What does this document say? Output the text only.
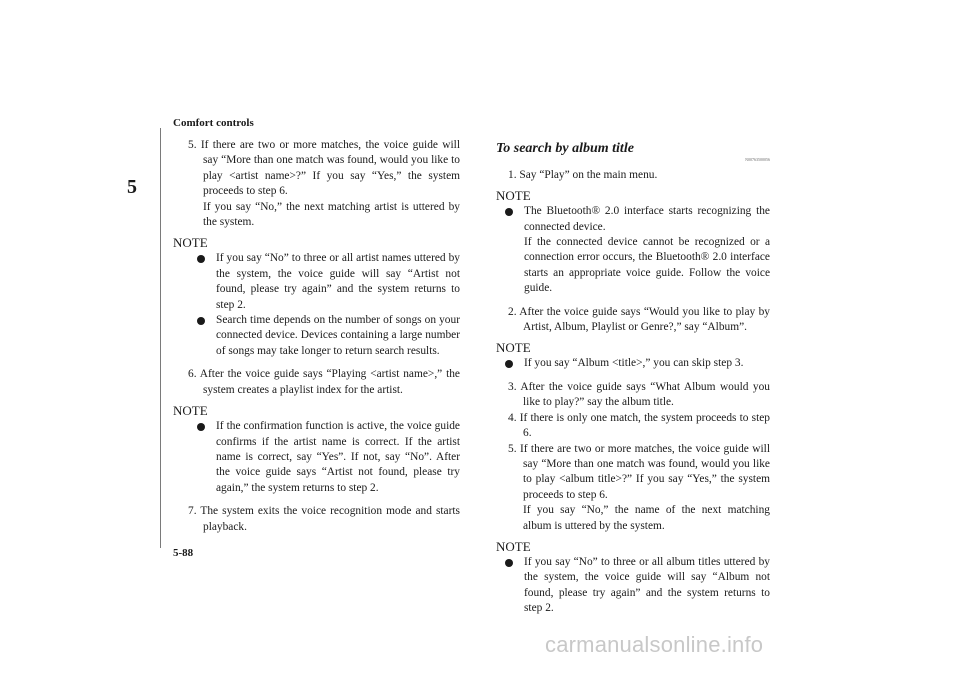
Comfort controls
5
5-88

5. If there are two or more matches, the voice guide will say “More than one match was found, would you like to play <artist name>?” If you say “Yes,” the system proceeds to step 6.

If you say “No,” the next matching artist is uttered by the system.

NOTE

If you say “No” to three or all artist names uttered by the system, the voice guide will say “Artist not found, please try again” and the system returns to step 2.

Search time depends on the number of songs on your connected device. Devices containing a large number of songs may take longer to return search results.

6. After the voice guide says “Playing <artist name>,” the system creates a playlist index for the artist.

NOTE

If the confirmation function is active, the voice guide confirms if the artist name is correct. If the artist name is correct, say “Yes”. If not, say “No”. After the voice guide says “Artist not found, please try again,” the system returns to step 2.

7. The system exits the voice recognition mode and starts playback.

To search by album title
N00763500056

1. Say “Play” on the main menu.

NOTE

The Bluetooth® 2.0 interface starts recognizing the connected device.

If the connected device cannot be recognized or a connection error occurs, the Bluetooth® 2.0 interface starts an appropriate voice guide. Follow the voice guide.

2. After the voice guide says “Would you like to play by Artist, Album, Playlist or Genre?,” say “Album”.

NOTE

If you say “Album <title>,” you can skip step 3.

3. After the voice guide says “What Album would you like to play?” say the album title.

4. If there is only one match, the system proceeds to step 6.

5. If there are two or more matches, the voice guide will say “More than one match was found, would you like to play <album title>?” If you say “Yes,” the system proceeds to step 6.

If you say “No,” the name of the next matching album is uttered by the system.

NOTE

If you say “No” to three or all album titles uttered by the system, the voice guide will say “Album not found, please try again” and the system returns to step 2.

carmanualsonline.info
